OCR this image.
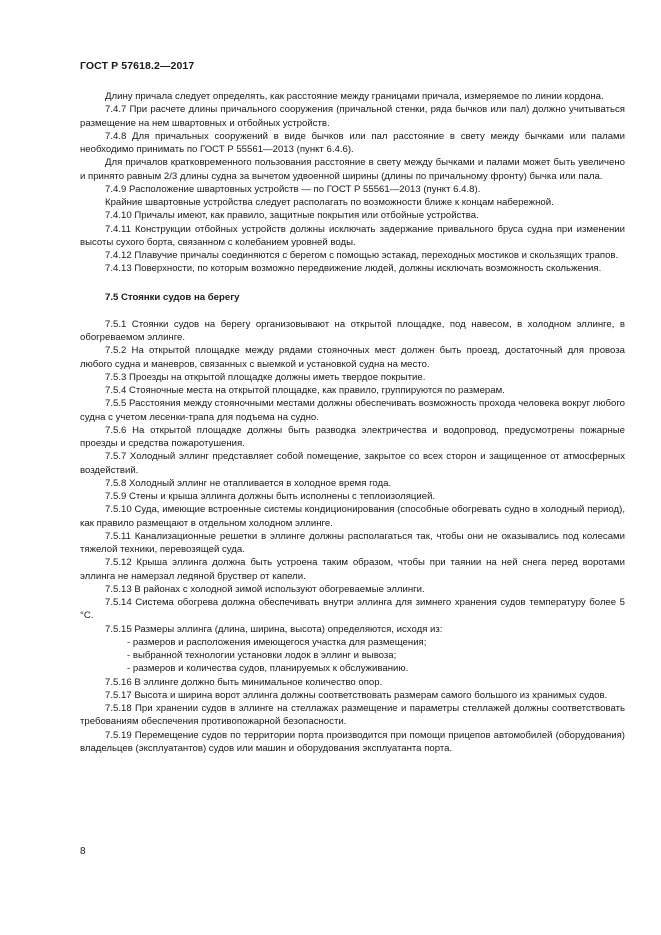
ГОСТ Р 57618.2—2017

Длину причала следует определять, как расстояние между границами причала, измеряемое по линии кордона.

7.4.7 При расчете длины причального сооружения (причальной стенки, ряда бычков или пал) должно учитываться размещение на нем швартовных и отбойных устройств.

7.4.8 Для причальных сооружений в виде бычков или пал расстояние в свету между бычками или палами необходимо принимать по ГОСТ Р 55561—2013 (пункт 6.4.6).

Для причалов кратковременного пользования расстояние в свету между бычками и палами может быть увеличено и принято равным 2/3 длины судна за вычетом удвоенной ширины (длины по причальному фронту) бычка или пала.

7.4.9 Расположение швартовных устройств — по ГОСТ Р 55561—2013 (пункт 6.4.8).

Крайние швартовные устройства следует располагать по возможности ближе к концам набережной.

7.4.10 Причалы имеют, как правило, защитные покрытия или отбойные устройства.

7.4.11 Конструкции отбойных устройств должны исключать задержание привального бруса судна при изменении высоты сухого борта, связанном с колебанием уровней воды.

7.4.12 Плавучие причалы соединяются с берегом с помощью эстакад, переходных мостиков и скользящих трапов.

7.4.13 Поверхности, по которым возможно передвижение людей, должны исключать возможность скольжения.

7.5 Стоянки судов на берегу

7.5.1 Стоянки судов на берегу организовывают на открытой площадке, под навесом, в холодном эллинге, в обогреваемом эллинге.

7.5.2 На открытой площадке между рядами стояночных мест должен быть проезд, достаточный для провоза любого судна и маневров, связанных с выемкой и установкой судна на место.

7.5.3 Проезды на открытой площадке должны иметь твердое покрытие.

7.5.4 Стояночные места на открытой площадке, как правило, группируются по размерам.

7.5.5 Расстояния между стояночными местами должны обеспечивать возможность прохода человека вокруг любого судна с учетом лесенки-трапа для подъема на судно.

7.5.6 На открытой площадке должны быть разводка электричества и водопровод, предусмотрены пожарные проезды и средства пожаротушения.

7.5.7 Холодный эллинг представляет собой помещение, закрытое со всех сторон и защищенное от атмосферных воздействий.

7.5.8 Холодный эллинг не отапливается в холодное время года.

7.5.9 Стены и крыша эллинга должны быть исполнены с теплоизоляцией.

7.5.10 Суда, имеющие встроенные системы кондиционирования (способные обогревать судно в холодный период), как правило размещают в отдельном холодном эллинге.

7.5.11 Канализационные решетки в эллинге должны располагаться так, чтобы они не оказывались под колесами тяжелой техники, перевозящей суда.

7.5.12 Крыша эллинга должна быть устроена таким образом, чтобы при таянии на ней снега перед воротами эллинга не намерзал ледяной бруствер от капели.

7.5.13 В районах с холодной зимой используют обогреваемые эллинги.

7.5.14 Система обогрева должна обеспечивать внутри эллинга для зимнего хранения судов температуру более 5 °С.

7.5.15 Размеры эллинга (длина, ширина, высота) определяются, исходя из:

- размеров и расположения имеющегося участка для размещения;

- выбранной технологии установки лодок в эллинг и вывоза;

- размеров и количества судов, планируемых к обслуживанию.

7.5.16 В эллинге должно быть минимальное количество опор.

7.5.17 Высота и ширина ворот эллинга должны соответствовать размерам самого большого из хранимых судов.

7.5.18 При хранении судов в эллинге на стеллажах размещение и параметры стеллажей должны соответствовать требованиям обеспечения противопожарной безопасности.

7.5.19 Перемещение судов по территории порта производится при помощи прицепов автомобилей (оборудования) владельцев (эксплуатантов) судов или машин и оборудования эксплуатанта порта.

8
